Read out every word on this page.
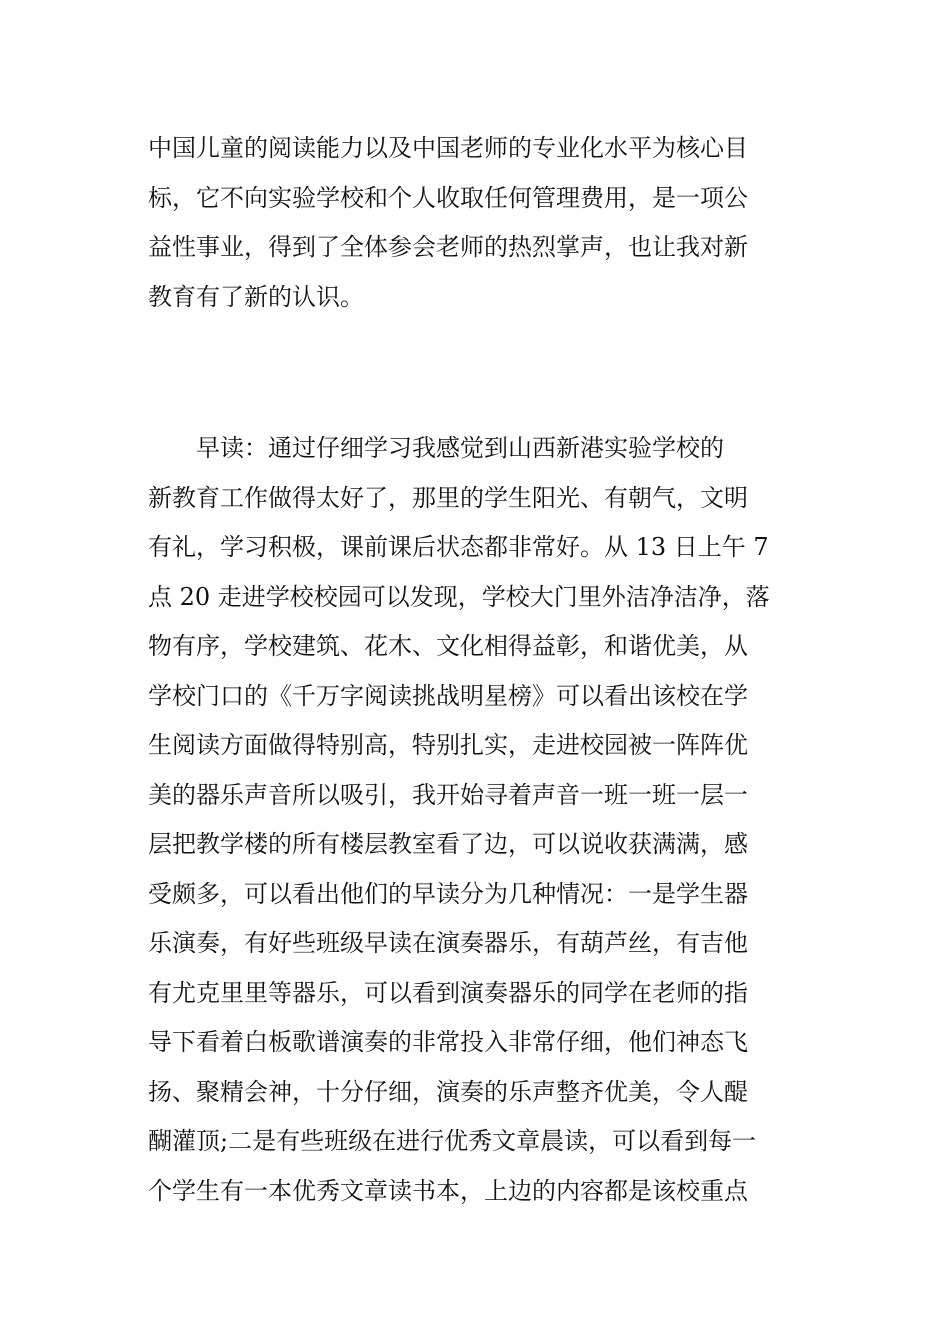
中国儿童的阅读能力以及中国老师的专业化水平为核心目
标，它不向实验学校和个人收取任何管理费用，是一项公
益性事业，得到了全体参会老师的热烈掌声，也让我对新
教育有了新的认识。
　　早读：通过仔细学习我感觉到山西新港实验学校的
新教育工作做得太好了，那里的学生阳光、有朝气，文明
有礼，学习积极，课前课后状态都非常好。从 13 日上午 7
点 20 走进学校校园可以发现，学校大门里外洁净洁净，落
物有序，学校建筑、花木、文化相得益彰，和谐优美，从
学校门口的《千万字阅读挑战明星榜》可以看出该校在学
生阅读方面做得特别高，特别扎实，走进校园被一阵阵优
美的器乐声音所以吸引，我开始寻着声音一班一班一层一
层把教学楼的所有楼层教室看了边，可以说收获满满，感
受颇多，可以看出他们的早读分为几种情况：一是学生器
乐演奏，有好些班级早读在演奏器乐，有葫芦丝，有吉他
有尤克里里等器乐，可以看到演奏器乐的同学在老师的指
导下看着白板歌谱演奏的非常投入非常仔细，他们神态飞
扬、聚精会神，十分仔细，演奏的乐声整齐优美，令人醍
醐灌顶;二是有些班级在进行优秀文章晨读，可以看到每一
个学生有一本优秀文章读书本，上边的内容都是该校重点
